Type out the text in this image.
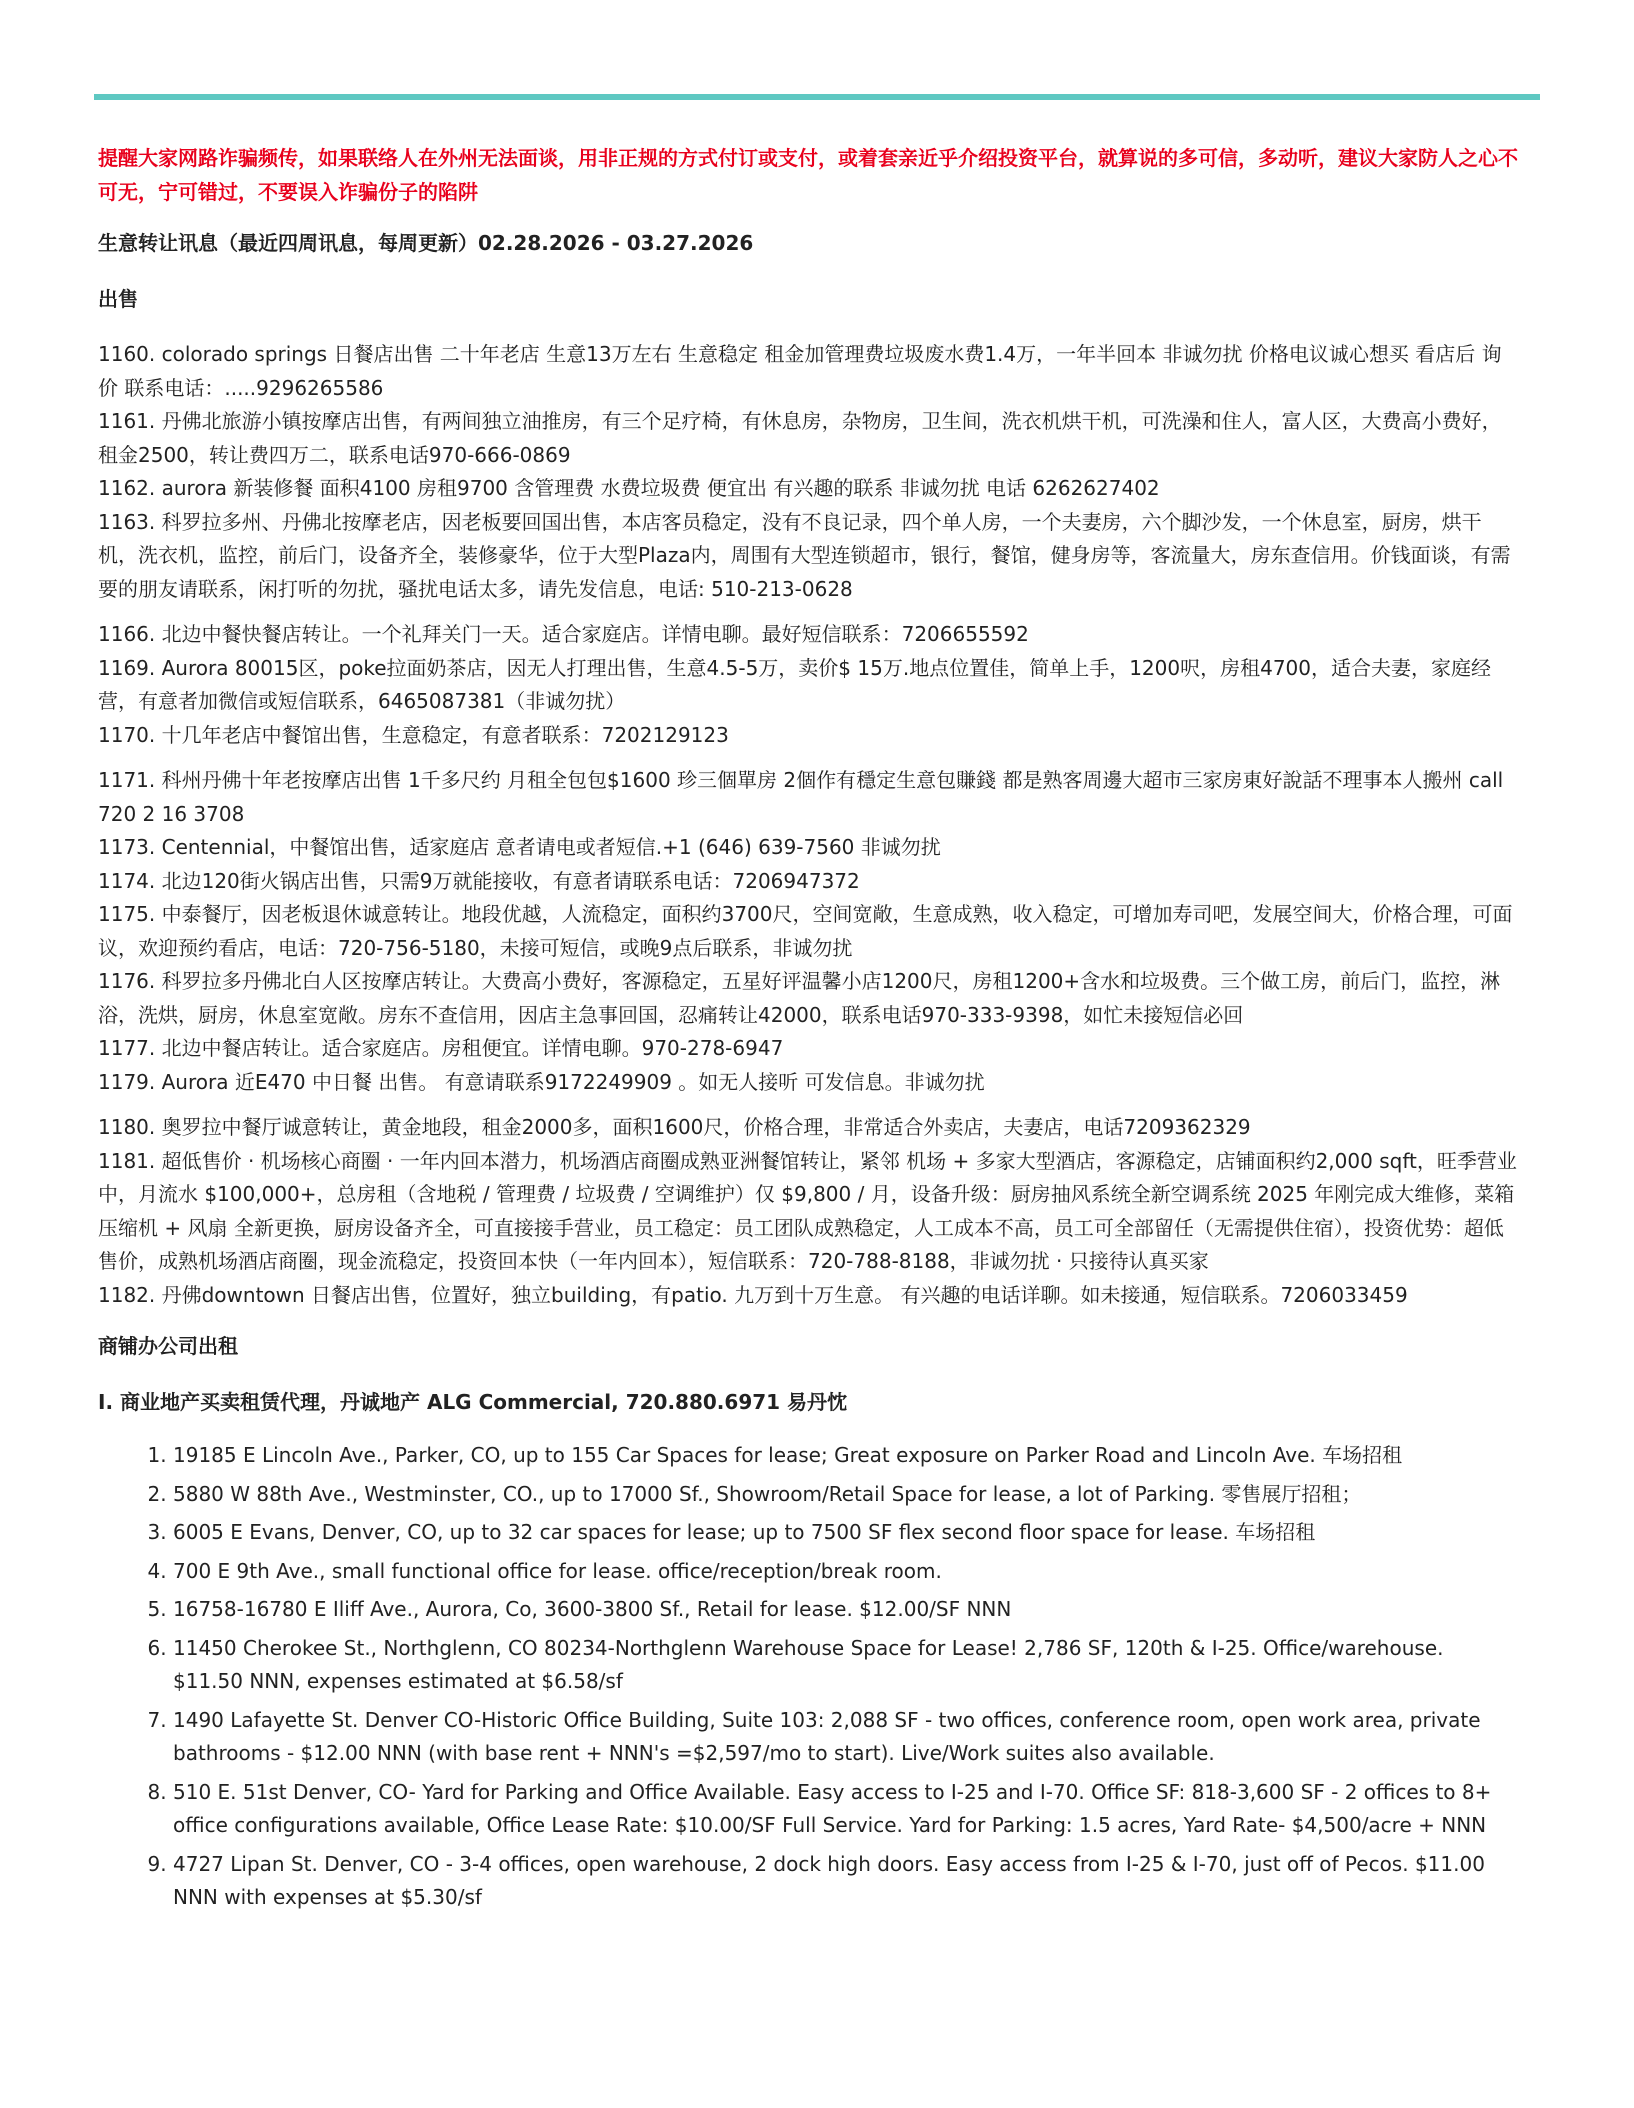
提醒大家网路诈骗频传，如果联络人在外州无法面谈，用非正规的方式付订或支付，或着套亲近乎介绍投资平台，就算说的多可信，多动听，建议大家防人之心不可无，宁可错过，不要误入诈骗份子的陷阱

生意转让讯息（最近四周讯息，每周更新）02.28.2026 - 03.27.2026

出售

1160. colorado springs 日餐店出售 二十年老店 生意13万左右 生意稳定 租金加管理费垃圾废水费1.4万，一年半回本 非诚勿扰 价格电议诚心想买 看店后 询价 联系电话：.....9296265586
1161. 丹佛北旅游小镇按摩店出售，有两间独立油推房，有三个足疗椅，有休息房，杂物房，卫生间，洗衣机烘干机，可洗澡和住人，富人区，大费高小费好，租金2500，转让费四万二，联系电话970-666-0869
1162. aurora 新装修餐 面积4100 房租9700 含管理费 水费垃圾费 便宜出 有兴趣的联系 非诚勿扰 电话 6262627402
1163. 科罗拉多州、丹佛北按摩老店，因老板要回国出售，本店客员稳定，没有不良记录，四个单人房，一个夫妻房，六个脚沙发，一个休息室，厨房，烘干机，洗衣机，监控，前后门，设备齐全，装修豪华，位于大型Plaza内，周围有大型连锁超市，银行，餐馆，健身房等，客流量大，房东查信用。价钱面谈，有需要的朋友请联系，闲打听的勿扰，骚扰电话太多，请先发信息，电话: 510-213-0628

1166. 北边中餐快餐店转让。一个礼拜关门一天。适合家庭店。详情电聊。最好短信联系：7206655592
1169. Aurora 80015区，poke拉面奶茶店，因无人打理出售，生意4.5-5万，卖价$ 15万.地点位置佳，简单上手，1200呎，房租4700，适合夫妻，家庭经营，有意者加微信或短信联系，6465087381（非诚勿扰）
1170. 十几年老店中餐馆出售，生意稳定，有意者联系：7202129123

1171. 科州丹佛十年老按摩店出售 1千多尺约 月租全包包$1600 珍三個單房 2個作有穩定生意包賺錢 都是熟客周邊大超市三家房東好說話不理事本人搬州 call 720 2 16 3708
1173. Centennial，中餐馆出售，适家庭店 意者请电或者短信.+1 (646) 639-7560 非诚勿扰
1174. 北边120街火锅店出售，只需9万就能接收，有意者请联系电话：7206947372
1175. 中泰餐厅，因老板退休诚意转让。地段优越，人流稳定，面积约3700尺，空间宽敞，生意成熟，收入稳定，可增加寿司吧，发展空间大，价格合理，可面议，欢迎预约看店，电话：720-756-5180，未接可短信，或晚9点后联系，非诚勿扰
1176. 科罗拉多丹佛北白人区按摩店转让。大费高小费好，客源稳定，五星好评温馨小店1200尺，房租1200+含水和垃圾费。三个做工房，前后门，监控，淋浴，洗烘，厨房，休息室宽敞。房东不查信用，因店主急事回国，忍痛转让42000，联系电话970-333-9398，如忙未接短信必回
1177. 北边中餐店转让。适合家庭店。房租便宜。详情电聊。970-278-6947
1179. Aurora 近E470 中日餐 出售。 有意请联系9172249909 。如无人接听 可发信息。非诚勿扰

1180. 奥罗拉中餐厅诚意转让，黄金地段，租金2000多，面积1600尺，价格合理，非常适合外卖店，夫妻店，电话7209362329
1181. 超低售价 · 机场核心商圈 · 一年内回本潜力，机场酒店商圈成熟亚洲餐馆转让，紧邻 机场 + 多家大型酒店，客源稳定，店铺面积约2,000 sqft，旺季营业中，月流水 $100,000+，总房租（含地税 / 管理费 / 垃圾费 / 空调维护）仅 $9,800 / 月，设备升级：厨房抽风系统全新空调系统 2025 年刚完成大维修，菜箱压缩机 + 风扇 全新更换，厨房设备齐全，可直接接手营业，员工稳定：员工团队成熟稳定，人工成本不高，员工可全部留任（无需提供住宿），投资优势：超低售价，成熟机场酒店商圈，现金流稳定，投资回本快（一年内回本），短信联系：720-788-8188，非诚勿扰 · 只接待认真买家
1182. 丹佛downtown 日餐店出售，位置好，独立building，有patio. 九万到十万生意。 有兴趣的电话详聊。如未接通，短信联系。7206033459

商铺办公司出租

I. 商业地产买卖租赁代理，丹诚地产 ALG Commercial, 720.880.6971 易丹忱

1. 19185 E Lincoln Ave., Parker, CO, up to 155 Car Spaces for lease; Great exposure on Parker Road and Lincoln Ave. 车场招租
2. 5880 W 88th Ave., Westminster, CO., up to 17000 Sf., Showroom/Retail Space for lease, a lot of Parking. 零售展厅招租；
3. 6005 E Evans, Denver, CO, up to 32 car spaces for lease; up to 7500 SF flex second floor space for lease. 车场招租
4. 700 E 9th Ave., small functional office for lease. office/reception/break room.
5. 16758-16780 E Iliff Ave., Aurora, Co, 3600-3800 Sf., Retail for lease. $12.00/SF NNN
6. 11450 Cherokee St., Northglenn, CO 80234-Northglenn Warehouse Space for Lease! 2,786 SF, 120th & I-25. Office/warehouse. $11.50 NNN, expenses estimated at $6.58/sf
7. 1490 Lafayette St. Denver CO-Historic Office Building, Suite 103: 2,088 SF - two offices, conference room, open work area, private bathrooms - $12.00 NNN (with base rent + NNN's =$2,597/mo to start). Live/Work suites also available.
8. 510 E. 51st Denver, CO- Yard for Parking and Office Available. Easy access to I-25 and I-70. Office SF: 818-3,600 SF - 2 offices to 8+ office configurations available, Office Lease Rate: $10.00/SF Full Service. Yard for Parking: 1.5 acres, Yard Rate- $4,500/acre + NNN
9. 4727 Lipan St. Denver, CO - 3-4 offices, open warehouse, 2 dock high doors. Easy access from I-25 & I-70, just off of Pecos. $11.00 NNN with expenses at $5.30/sf
